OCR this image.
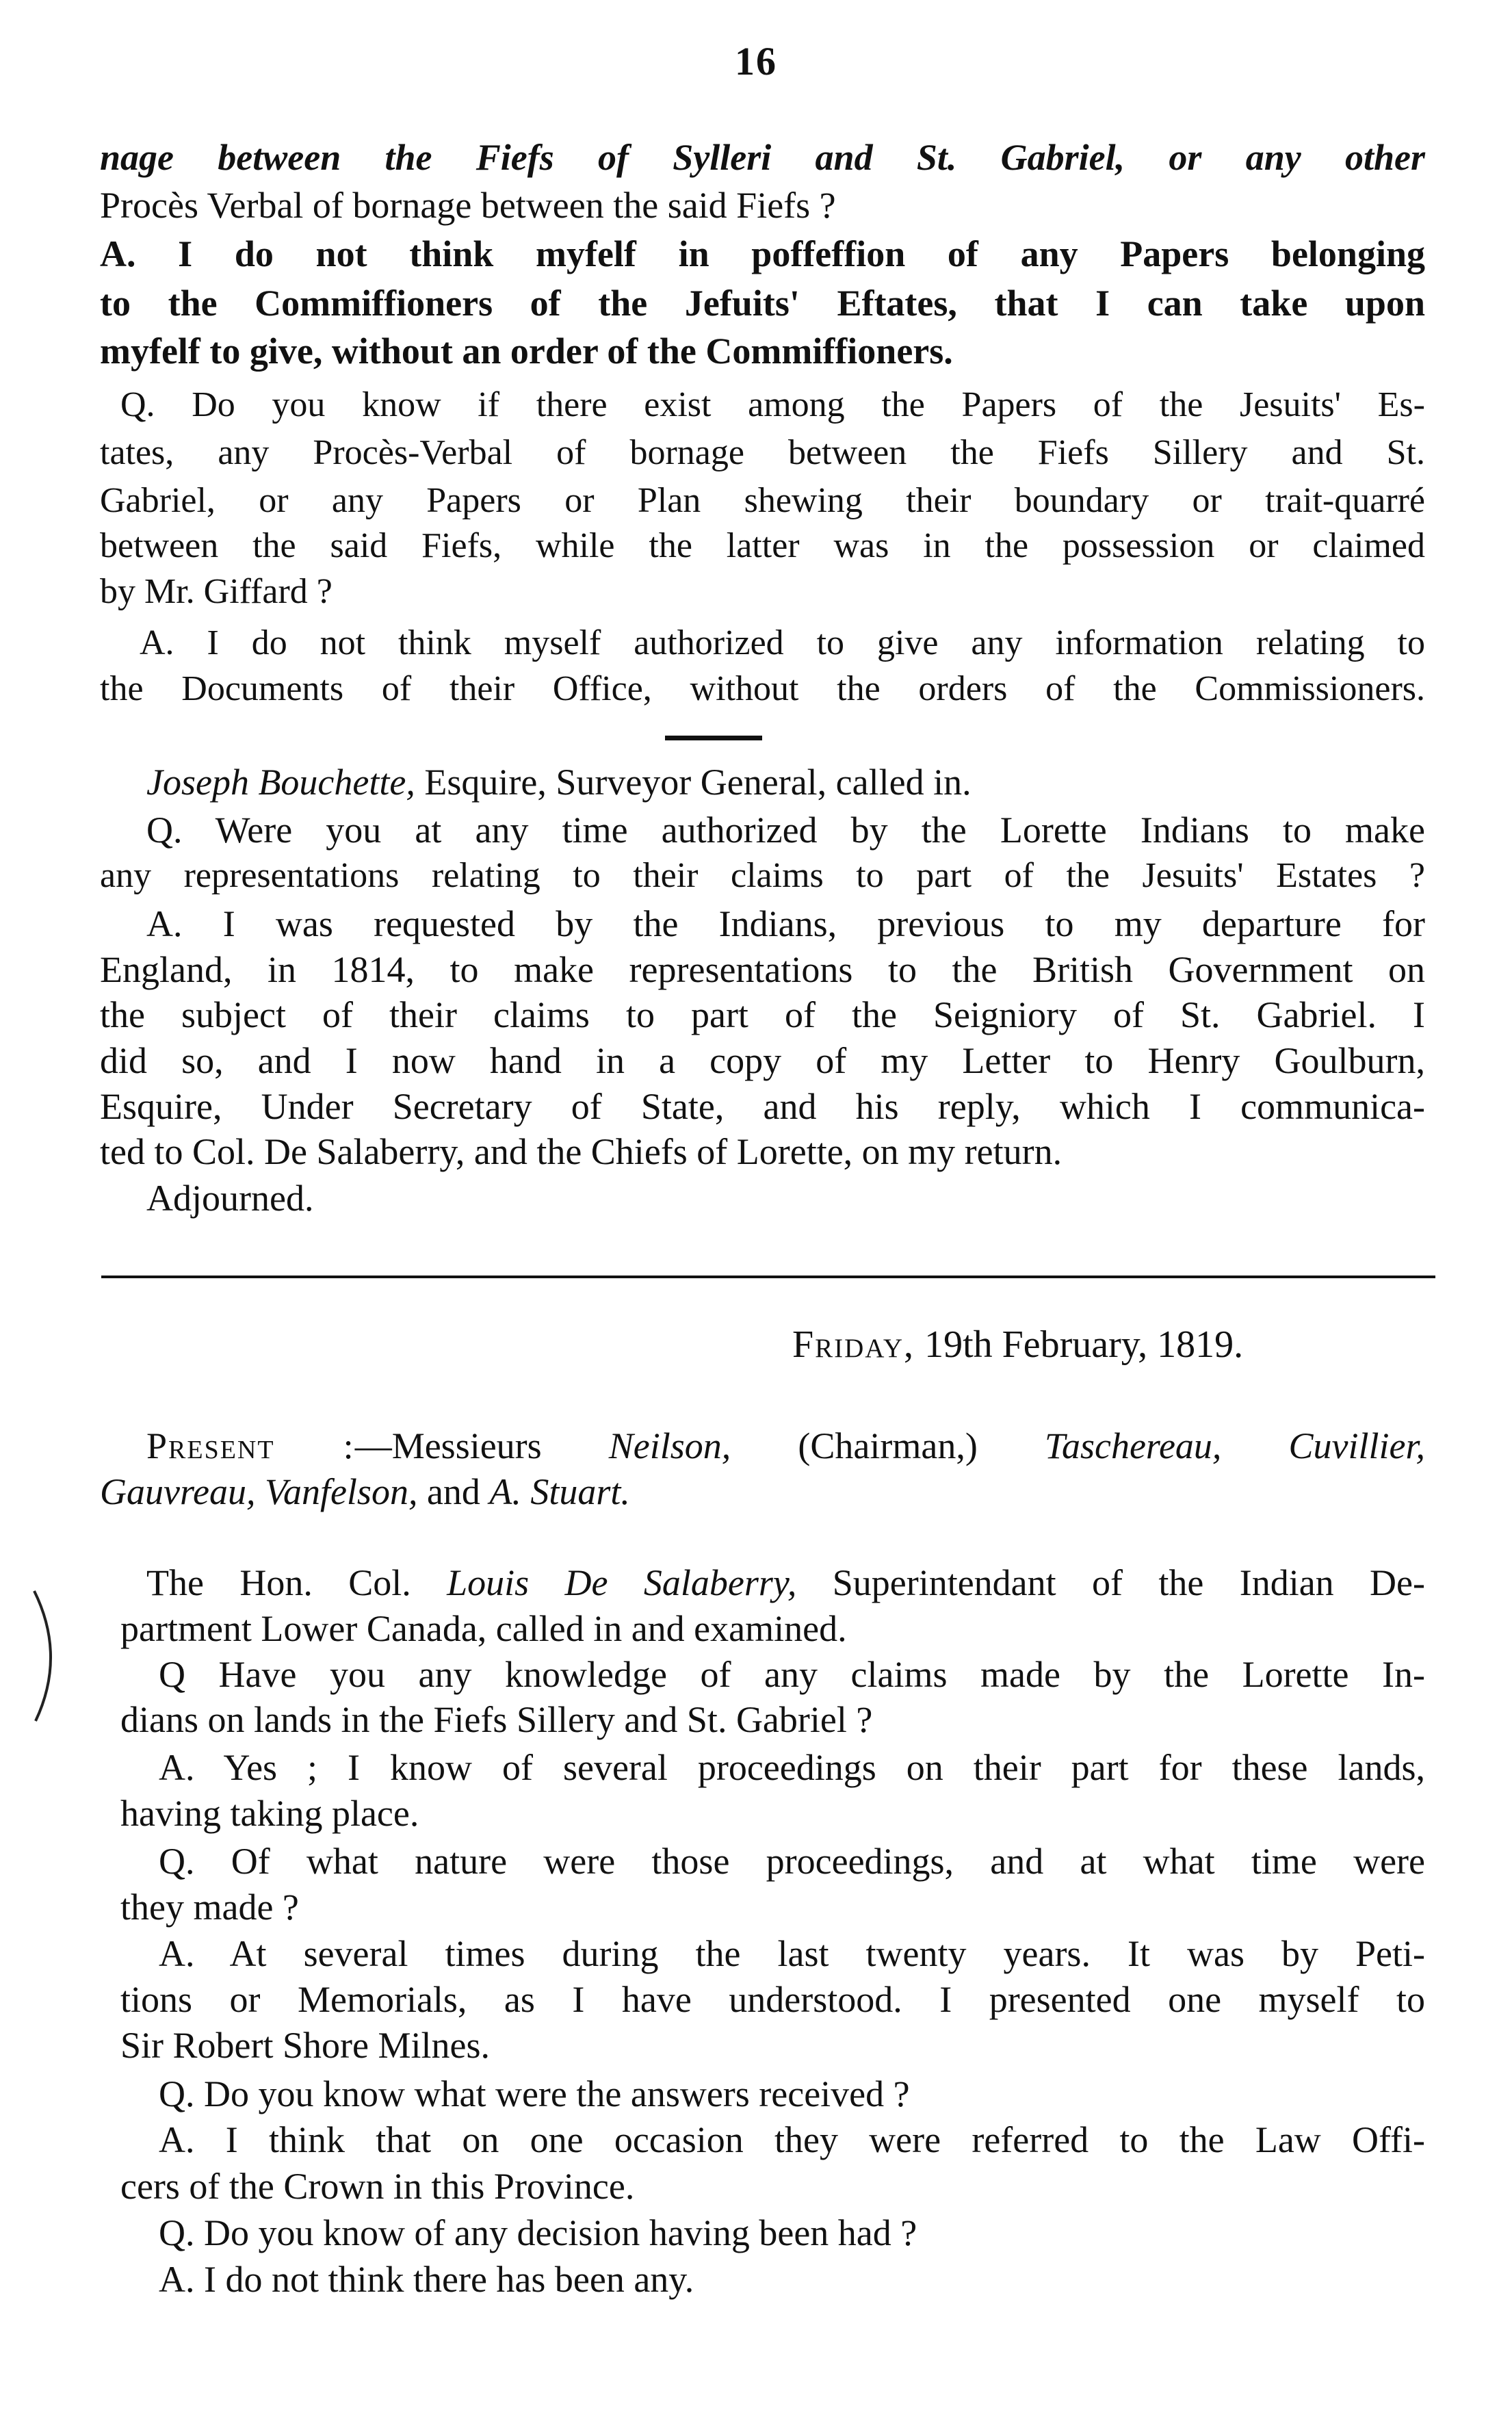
16
nage between the Fiefs of Sylleri and St. Gabriel, or any other
Procès Verbal of bornage between the said Fiefs ?
A. I do not think myfelf in poffeffion of any Papers belonging
to the Commiffioners of the Jefuits' Eftates, that I can take upon
myfelf to give, without an order of the Commiffioners.
Q. Do you know if there exist among the Papers of the Jesuits' Es-
tates, any Procès-Verbal of bornage between the Fiefs Sillery and St.
Gabriel, or any Papers or Plan shewing their boundary or trait-quarré
between the said Fiefs, while the latter was in the possession or claimed
by Mr. Giffard ?
A. I do not think myself authorized to give any information relating to
the Documents of their Office, without the orders of the Commissioners.
Joseph Bouchette, Esquire, Surveyor General, called in.
Q. Were you at any time authorized by the Lorette Indians to make
any representations relating to their claims to part of the Jesuits' Estates ?
A. I was requested by the Indians, previous to my departure for
England, in 1814, to make representations to the British Government on
the subject of their claims to part of the Seigniory of St. Gabriel. I
did so, and I now hand in a copy of my Letter to Henry Goulburn,
Esquire, Under Secretary of State, and his reply, which I communica-
ted to Col. De Salaberry, and the Chiefs of Lorette, on my return.
Adjourned.
Friday, 19th February, 1819.
Present :—Messieurs Neilson, (Chairman,) Taschereau, Cuvillier,
Gauvreau, Vanfelson, and A. Stuart.
The Hon. Col. Louis De Salaberry, Superintendant of the Indian De-
partment Lower Canada, called in and examined.
Q Have you any knowledge of any claims made by the Lorette In-
dians on lands in the Fiefs Sillery and St. Gabriel ?
A. Yes ; I know of several proceedings on their part for these lands,
having taking place.
Q. Of what nature were those proceedings, and at what time were
they made ?
A. At several times during the last twenty years. It was by Peti-
tions or Memorials, as I have understood. I presented one myself to
Sir Robert Shore Milnes.
Q. Do you know what were the answers received ?
A. I think that on one occasion they were referred to the Law Offi-
cers of the Crown in this Province.
Q. Do you know of any decision having been had ?
A. I do not think there has been any.
